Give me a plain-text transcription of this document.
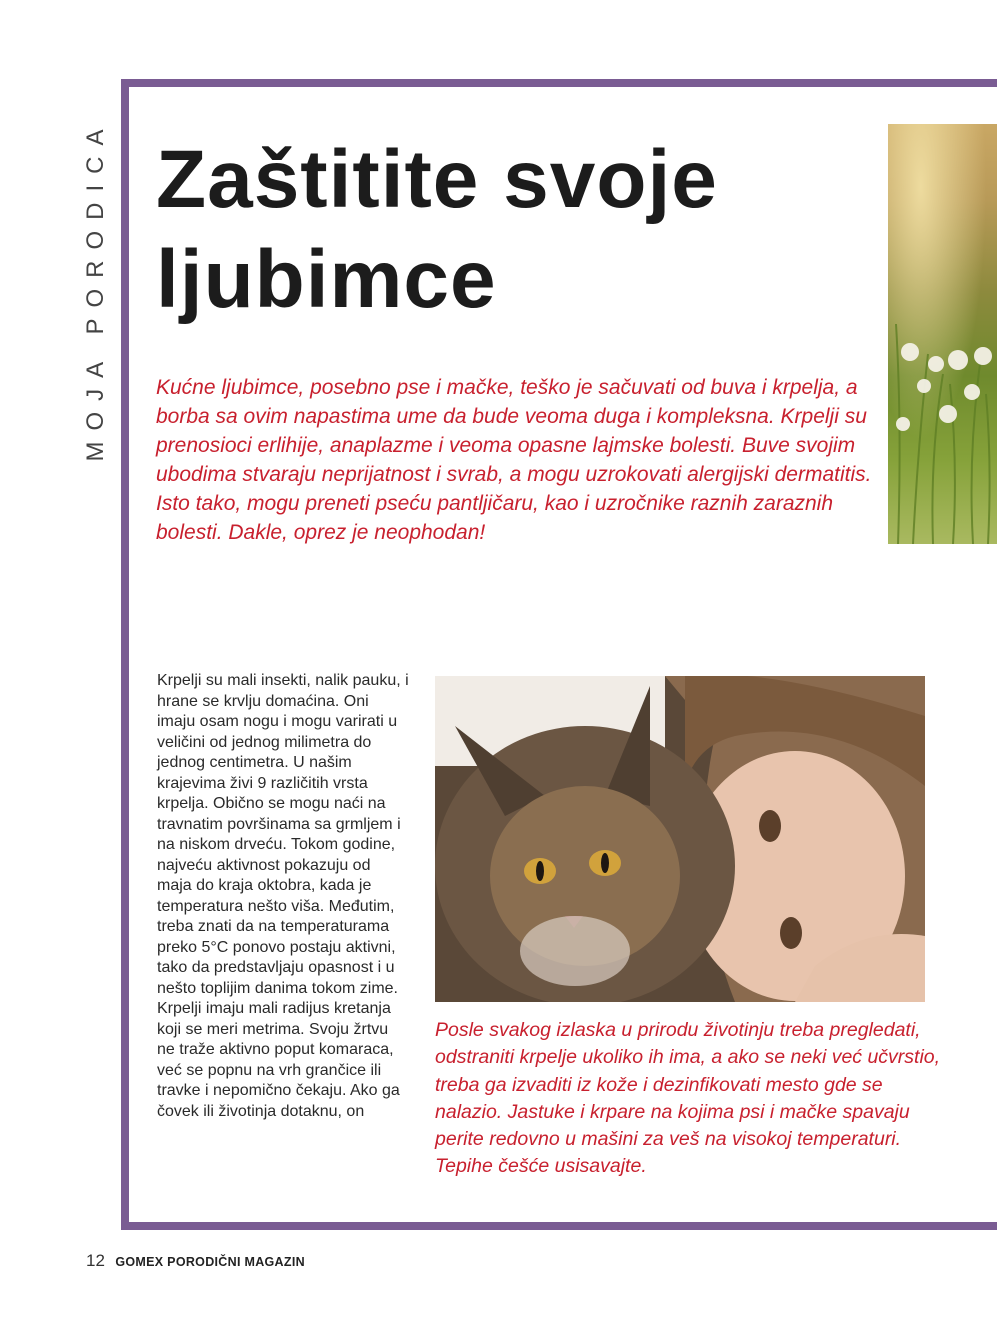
MOJA PORODICA Zaštitite svoje ljubimce

Kućne ljubimce, posebno pse i mačke, teško je sačuvati od buva i krpelja, a borba sa ovim napastima ume da bude veoma duga i kompleksna. Krpelji su prenosioci erlihije, anaplazme i veoma opasne lajmske bolesti. Buve svojim ubodima stvaraju neprijatnost i svrab, a mogu uzrokovati alergijski dermatitis. Isto tako, mogu preneti pseću pantljičaru, kao i uzročnike raznih zaraznih bolesti. Dakle, oprez je neophodan!

Krpelji su mali insekti, nalik pauku, i hrane se krvlju domaćina. Oni imaju osam nogu i mogu varirati u veličini od jednog milimetra do jednog centimetra. U našim krajevima živi 9 različitih vrsta krpelja. Obično se mogu naći na travnatim površinama sa grmljem i na niskom drveću. Tokom godine, najveću aktivnost pokazuju od maja do kraja oktobra, kada je temperatura nešto viša. Međutim, treba znati da na temperaturama preko 5°C ponovo postaju aktivni, tako da predstavljaju opasnost i u nešto toplijim danima tokom zime. Krpelji imaju mali radijus kretanja koji se meri metrima. Svoju žrtvu ne traže aktivno poput komaraca, već se popnu na vrh grančice ili travke i nepomično čekaju. Ako ga čovek ili životinja dotaknu, on

Posle svakog izlaska u prirodu životinju treba pregledati, odstraniti krpelje ukoliko ih ima, a ako se neki već učvrstio, treba ga izvaditi iz kože i dezinfikovati mesto gde se nalazio. Jastuke i krpare na kojima psi i mačke spavaju perite redovno u mašini za veš na visokoj temperaturi. Tepihe češće usisavajte.

12 GOMEX PORODIČNI MAGAZIN
